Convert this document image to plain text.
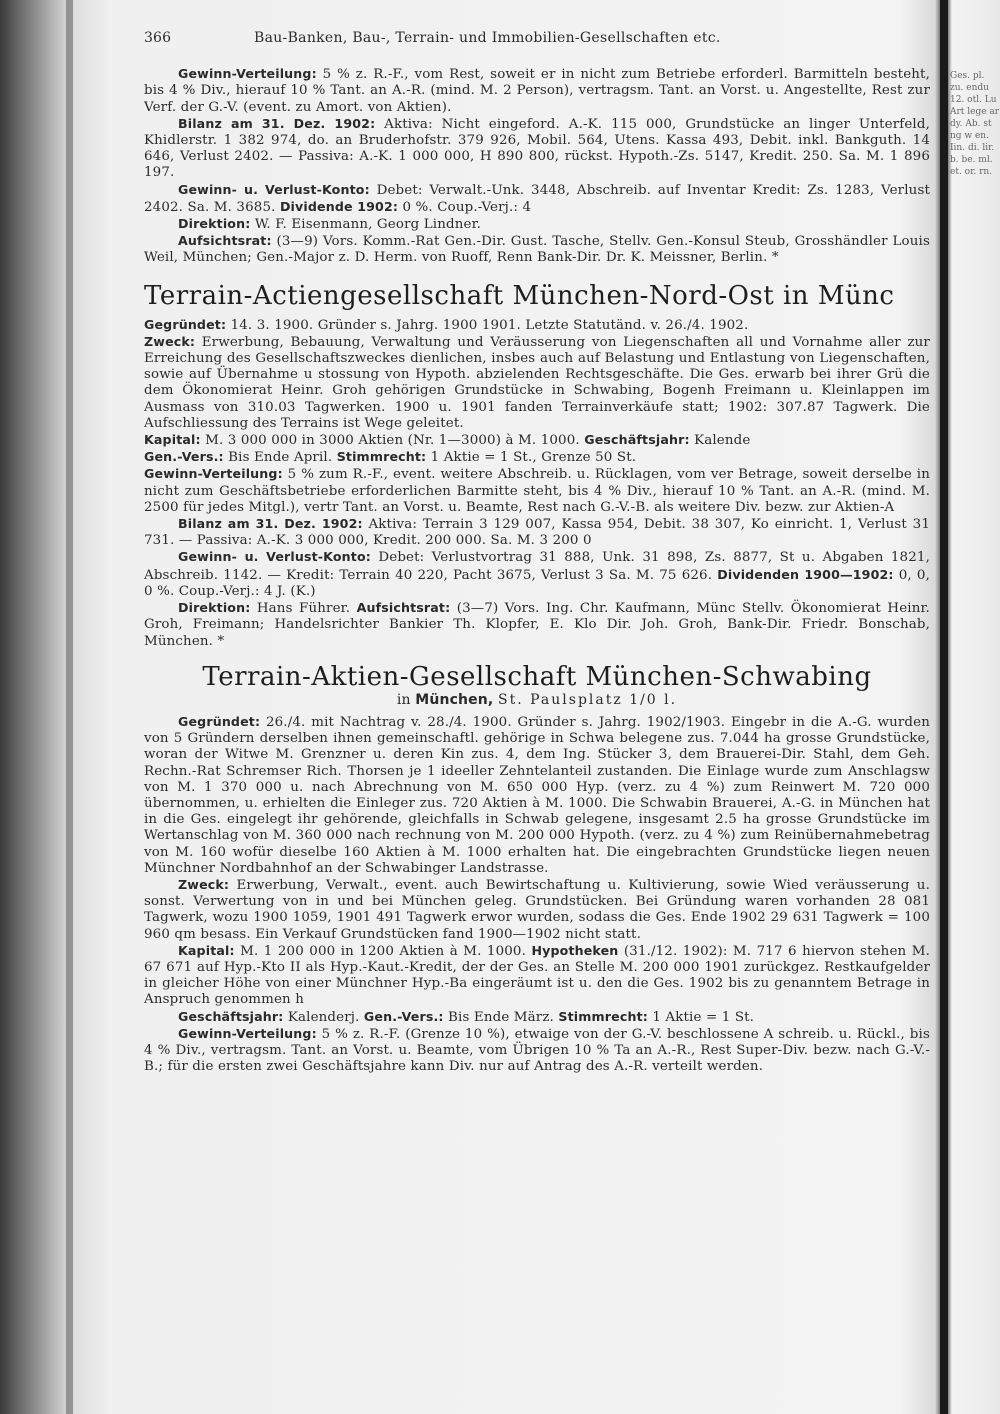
Ges. pl. zu. endu 12. otl. Lu Art lege ar dy. Ab. st ng w en. Iin. di. lir. b. be. ml. et. or. rn.
366	Bau-Banken, Bau-, Terrain- und Immobilien-Gesellschaften etc.

Gewinn-Verteilung: 5 % z. R.-F., vom Rest, soweit er in nicht zum Betriebe erforderl. Barmitteln besteht, bis 4 % Div., hierauf 10 % Tant. an A.-R. (mind. M. 2 Person), vertragsm. Tant. an Vorst. u. Angestellte, Rest zur Verf. der G.-V. (event. zu Amort. von Aktien).

Bilanz am 31. Dez. 1902: Aktiva: Nicht eingeford. A.-K. 115 000, Grundstücke an linger Unterfeld, Khidlerstr. 1 382 974, do. an Bruderhofstr. 379 926, Mobil. 564, Utens. Kassa 493, Debit. inkl. Bankguth. 14 646, Verlust 2402. — Passiva: A.-K. 1 000 000, H 890 800, rückst. Hypoth.-Zs. 5147, Kredit. 250. Sa. M. 1 896 197.

Gewinn- u. Verlust-Konto: Debet: Verwalt.-Unk. 3448, Abschreib. auf Inventar Kredit: Zs. 1283, Verlust 2402. Sa. M. 3685. Dividende 1902: 0 %. Coup.-Verj.: 4

Direktion: W. F. Eisenmann, Georg Lindner.

Aufsichtsrat: (3—9) Vors. Komm.-Rat Gen.-Dir. Gust. Tasche, Stellv. Gen.-Konsul Steub, Grosshändler Louis Weil, München; Gen.-Major z. D. Herm. von Ruoff, Renn Bank-Dir. Dr. K. Meissner, Berlin. *

Terrain-Actiengesellschaft München-Nord-Ost in Münc

Gegründet: 14. 3. 1900. Gründer s. Jahrg. 1900 1901. Letzte Statutänd. v. 26./4. 1902.

Zweck: Erwerbung, Bebauung, Verwaltung und Veräusserung von Liegenschaften all und Vornahme aller zur Erreichung des Gesellschaftszweckes dienlichen, insbes auch auf Belastung und Entlastung von Liegenschaften, sowie auf Übernahme u stossung von Hypoth. abzielenden Rechtsgeschäfte. Die Ges. erwarb bei ihrer Grü die dem Ökonomierat Heinr. Groh gehörigen Grundstücke in Schwabing, Bogenh Freimann u. Kleinlappen im Ausmass von 310.03 Tagwerken. 1900 u. 1901 fanden Terrainverkäufe statt; 1902: 307.87 Tagwerk. Die Aufschliessung des Terrains ist Wege geleitet.

Kapital: M. 3 000 000 in 3000 Aktien (Nr. 1—3000) à M. 1000. Geschäftsjahr: Kalende

Gen.-Vers.: Bis Ende April. Stimmrecht: 1 Aktie = 1 St., Grenze 50 St.

Gewinn-Verteilung: 5 % zum R.-F., event. weitere Abschreib. u. Rücklagen, vom ver Betrage, soweit derselbe in nicht zum Geschäftsbetriebe erforderlichen Barmitte steht, bis 4 % Div., hierauf 10 % Tant. an A.-R. (mind. M. 2500 für jedes Mitgl.), vertr Tant. an Vorst. u. Beamte, Rest nach G.-V.-B. als weitere Div. bezw. zur Aktien-A

Bilanz am 31. Dez. 1902: Aktiva: Terrain 3 129 007, Kassa 954, Debit. 38 307, Ko einricht. 1, Verlust 31 731. — Passiva: A.-K. 3 000 000, Kredit. 200 000. Sa. M. 3 200 0

Gewinn- u. Verlust-Konto: Debet: Verlustvortrag 31 888, Unk. 31 898, Zs. 8877, St u. Abgaben 1821, Abschreib. 1142. — Kredit: Terrain 40 220, Pacht 3675, Verlust 3 Sa. M. 75 626. Dividenden 1900—1902: 0, 0, 0 %. Coup.-Verj.: 4 J. (K.)

Direktion: Hans Führer. Aufsichtsrat: (3—7) Vors. Ing. Chr. Kaufmann, Münc Stellv. Ökonomierat Heinr. Groh, Freimann; Handelsrichter Bankier Th. Klopfer, E. Klo Dir. Joh. Groh, Bank-Dir. Friedr. Bonschab, München. *

Terrain-Aktien-Gesellschaft München-Schwabing
in München, St. Paulsplatz 1/0 l.

Gegründet: 26./4. mit Nachtrag v. 28./4. 1900. Gründer s. Jahrg. 1902/1903. Eingebr in die A.-G. wurden von 5 Gründern derselben ihnen gemeinschaftl. gehörige in Schwa belegene zus. 7.044 ha grosse Grundstücke, woran der Witwe M. Grenzner u. deren Kin zus. 4, dem Ing. Stücker 3, dem Brauerei-Dir. Stahl, dem Geh. Rechn.-Rat Schremser Rich. Thorsen je 1 ideeller Zehntelanteil zustanden. Die Einlage wurde zum Anschlagsw von M. 1 370 000 u. nach Abrechnung von M. 650 000 Hyp. (verz. zu 4 %) zum Reinwert M. 720 000 übernommen, u. erhielten die Einleger zus. 720 Aktien à M. 1000. Die Schwabin Brauerei, A.-G. in München hat in die Ges. eingelegt ihr gehörende, gleichfalls in Schwab gelegene, insgesamt 2.5 ha grosse Grundstücke im Wertanschlag von M. 360 000 nach rechnung von M. 200 000 Hypoth. (verz. zu 4 %) zum Reinübernahmebetrag von M. 160 wofür dieselbe 160 Aktien à M. 1000 erhalten hat. Die eingebrachten Grundstücke liegen neuen Münchner Nordbahnhof an der Schwabinger Landstrasse.

Zweck: Erwerbung, Verwalt., event. auch Bewirtschaftung u. Kultivierung, sowie Wied veräusserung u. sonst. Verwertung von in und bei München geleg. Grundstücken. Bei Gründung waren vorhanden 28 081 Tagwerk, wozu 1900 1059, 1901 491 Tagwerk erwor wurden, sodass die Ges. Ende 1902 29 631 Tagwerk = 100 960 qm besass. Ein Verkauf Grundstücken fand 1900—1902 nicht statt.

Kapital: M. 1 200 000 in 1200 Aktien à M. 1000. Hypotheken (31./12. 1902): M. 717 6 hiervon stehen M. 67 671 auf Hyp.-Kto II als Hyp.-Kaut.-Kredit, der der Ges. an Stelle M. 200 000 1901 zurückgez. Restkaufgelder in gleicher Höhe von einer Münchner Hyp.-Ba eingeräumt ist u. den die Ges. 1902 bis zu genanntem Betrage in Anspruch genommen h

Geschäftsjahr: Kalenderj. Gen.-Vers.: Bis Ende März. Stimmrecht: 1 Aktie = 1 St.

Gewinn-Verteilung: 5 % z. R.-F. (Grenze 10 %), etwaige von der G.-V. beschlossene A schreib. u. Rückl., bis 4 % Div., vertragsm. Tant. an Vorst. u. Beamte, vom Übrigen 10 % Ta an A.-R., Rest Super-Div. bezw. nach G.-V.-B.; für die ersten zwei Geschäftsjahre kann Div. nur auf Antrag des A.-R. verteilt werden.
